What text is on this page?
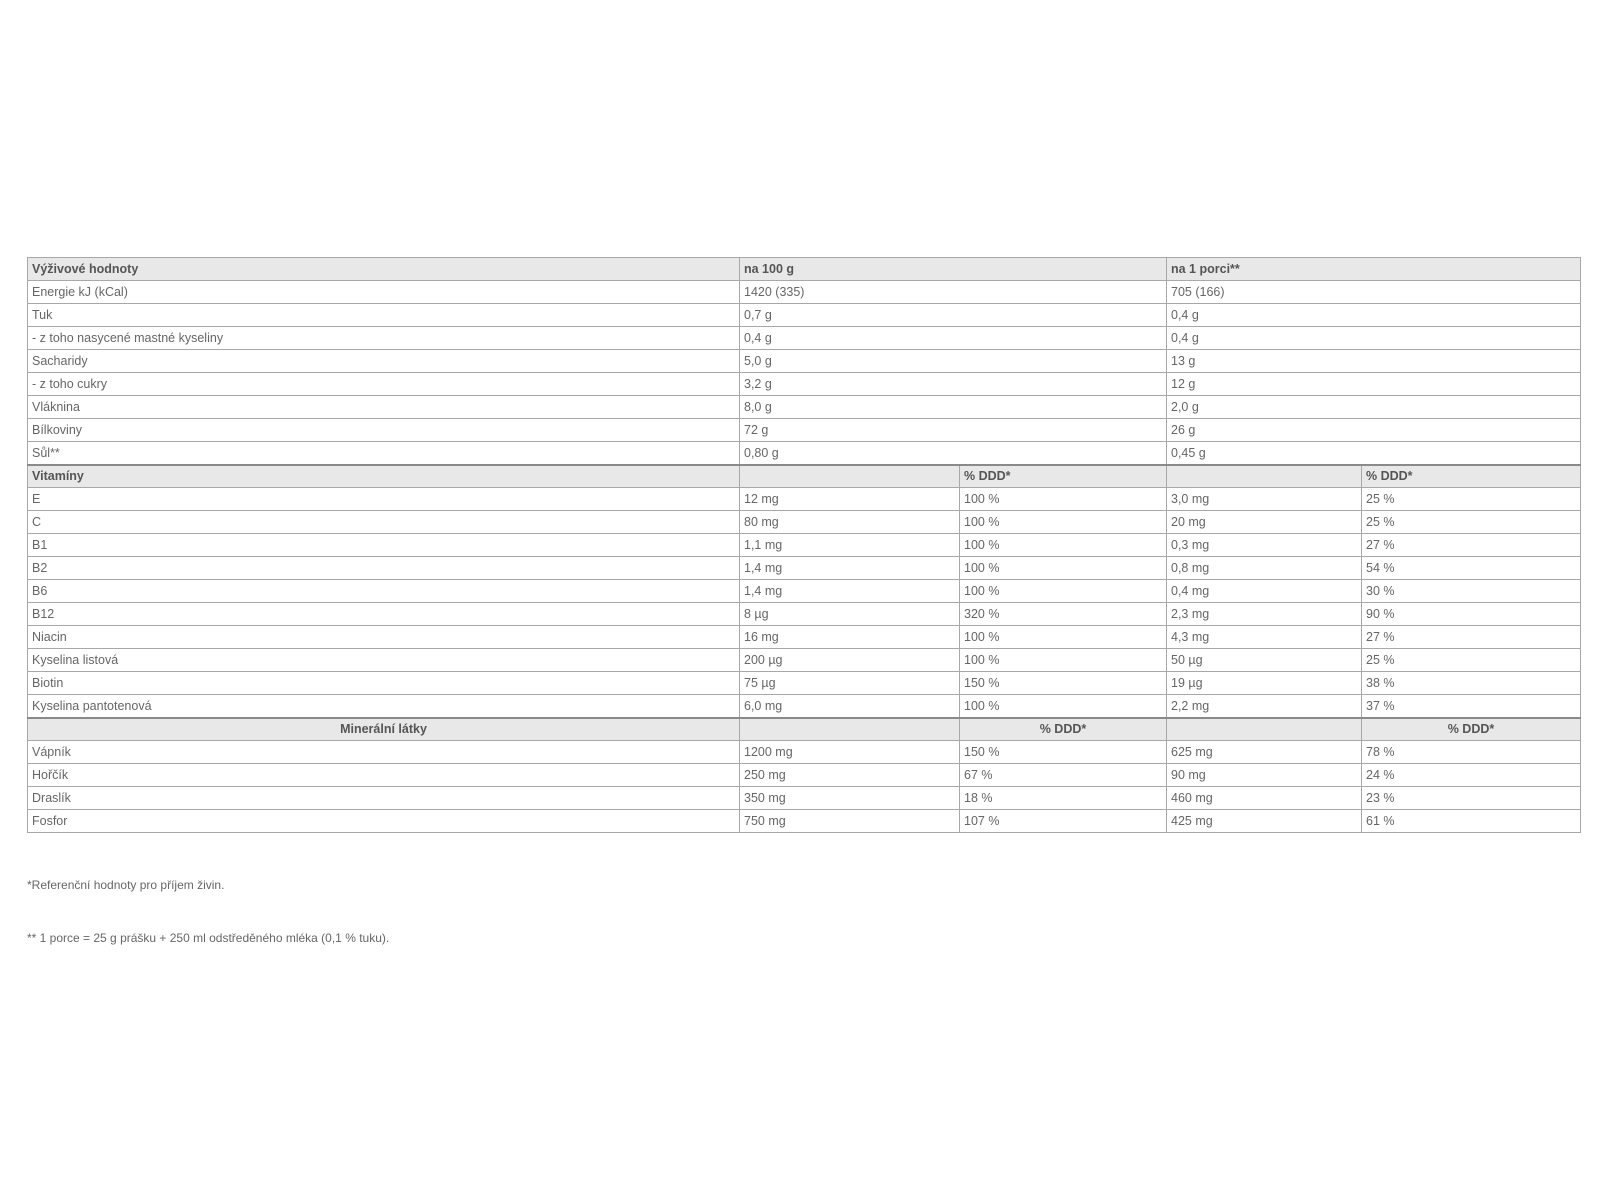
Výživové hodnoty	na 100 g		na 1 porci**	
Energie kJ (kCal)	1420 (335)		705 (166)	
Tuk	0,7 g		0,4 g	
- z toho nasycené mastné kyseliny	0,4 g		0,4 g	
Sacharidy	5,0 g		13 g	
- z toho cukry	3,2 g		12 g	
Vláknina	8,0 g		2,0 g	
Bílkoviny	72 g		26 g	
Sůl**	0,80 g		0,45 g	
Vitamíny		% DDD*		% DDD*
E	12 mg	100 %	3,0 mg	25 %
C	80 mg	100 %	20 mg	25 %
B1	1,1 mg	100 %	0,3 mg	27 %
B2	1,4 mg	100 %	0,8 mg	54 %
B6	1,4 mg	100 %	0,4 mg	30 %
B12	8 µg	320 %	2,3 mg	90 %
Niacin	16 mg	100 %	4,3 mg	27 %
Kyselina listová	200 µg	100 %	50 µg	25 %
Biotin	75 µg	150 %	19 µg	38 %
Kyselina pantotenová	6,0 mg	100 %	2,2 mg	37 %
Minerální látky		% DDD*		% DDD*
Vápník	1200 mg	150 %	625 mg	78 %
Hořčík	250 mg	67 %	90 mg	24 %
Draslík	350 mg	18 %	460 mg	23 %
Fosfor	750 mg	107 %	425 mg	61 %
*Referenční hodnoty pro příjem živin.
** 1 porce = 25 g prášku + 250 ml odstředěného mléka (0,1 % tuku).
